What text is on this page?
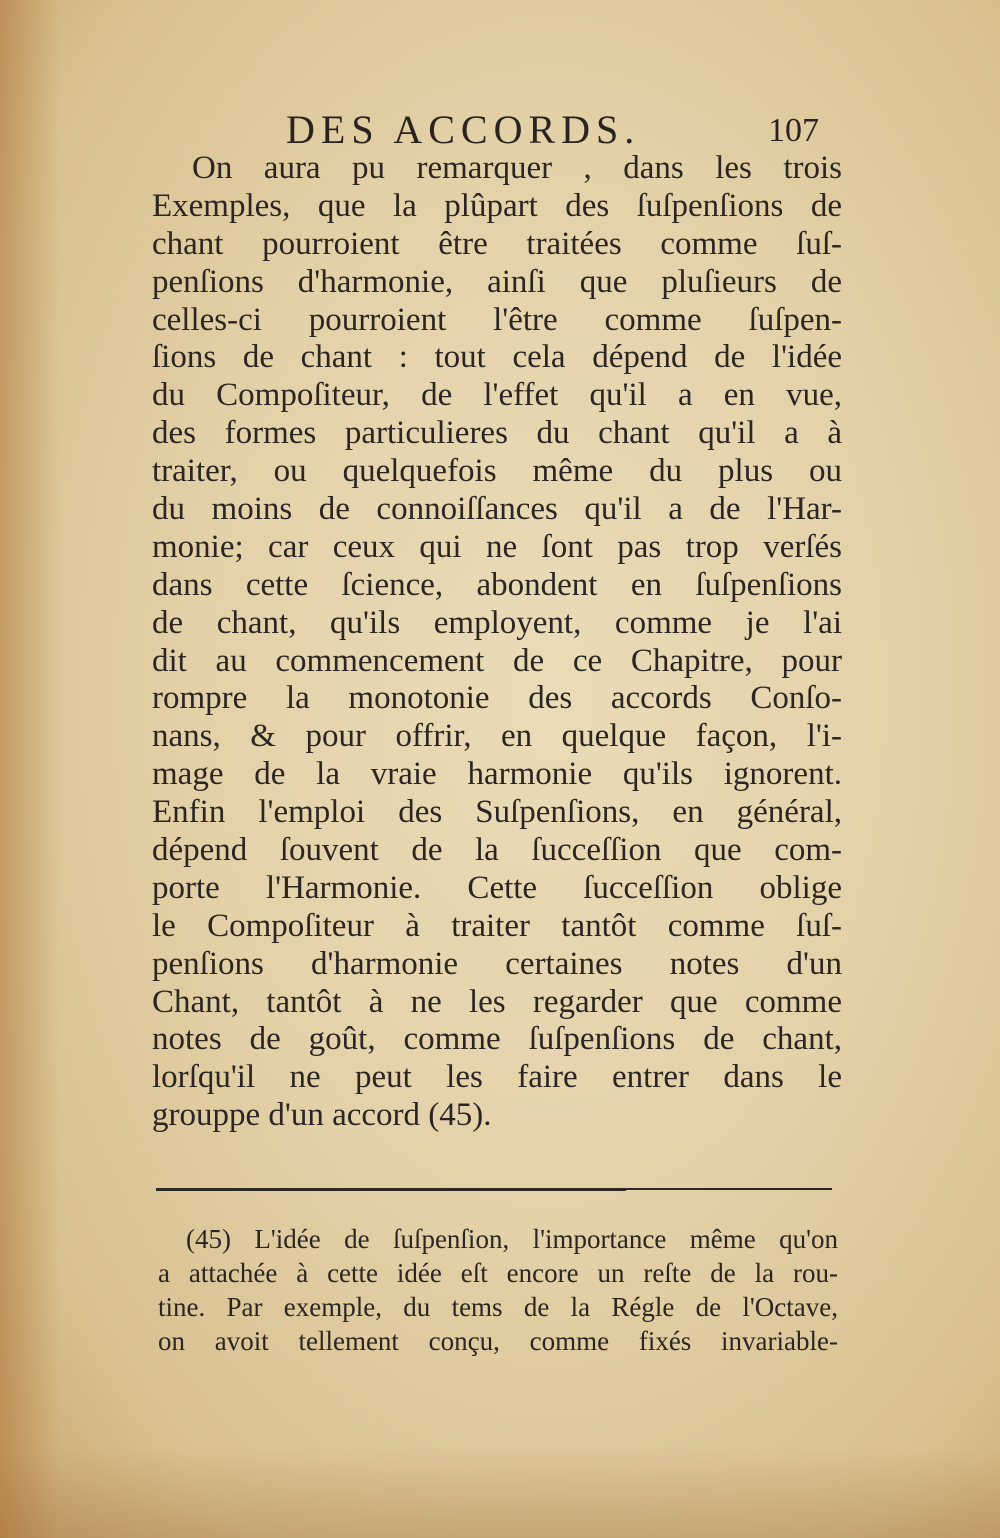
DES ACCORDS.	107
On aura pu remarquer , dans les trois
Exemples, que la plûpart des ſuſpenſions de
chant pourroient être traitées comme ſuſ-
penſions d'harmonie, ainſi que pluſieurs de
celles-ci pourroient l'être comme ſuſpen-
ſions de chant : tout cela dépend de l'idée
du Compoſiteur, de l'effet qu'il a en vue,
des formes particulieres du chant qu'il a à
traiter, ou quelquefois même du plus ou
du moins de connoiſſances qu'il a de l'Har-
monie; car ceux qui ne ſont pas trop verſés
dans cette ſcience, abondent en ſuſpenſions
de chant, qu'ils employent, comme je l'ai
dit au commencement de ce Chapitre, pour
rompre la monotonie des accords Conſo-
nans, & pour offrir, en quelque façon, l'i-
mage de la vraie harmonie qu'ils ignorent.
Enfin l'emploi des Suſpenſions, en général,
dépend ſouvent de la ſucceſſion que com-
porte l'Harmonie. Cette ſucceſſion oblige
le Compoſiteur à traiter tantôt comme ſuſ-
penſions d'harmonie certaines notes d'un
Chant, tantôt à ne les regarder que comme
notes de goût, comme ſuſpenſions de chant,
lorſqu'il ne peut les faire entrer dans le
grouppe d'un accord (45).
(45) L'idée de ſuſpenſion, l'importance même qu'on
a attachée à cette idée eſt encore un reſte de la rou-
tine. Par exemple, du tems de la Régle de l'Octave,
on avoit tellement conçu, comme fixés invariable-
